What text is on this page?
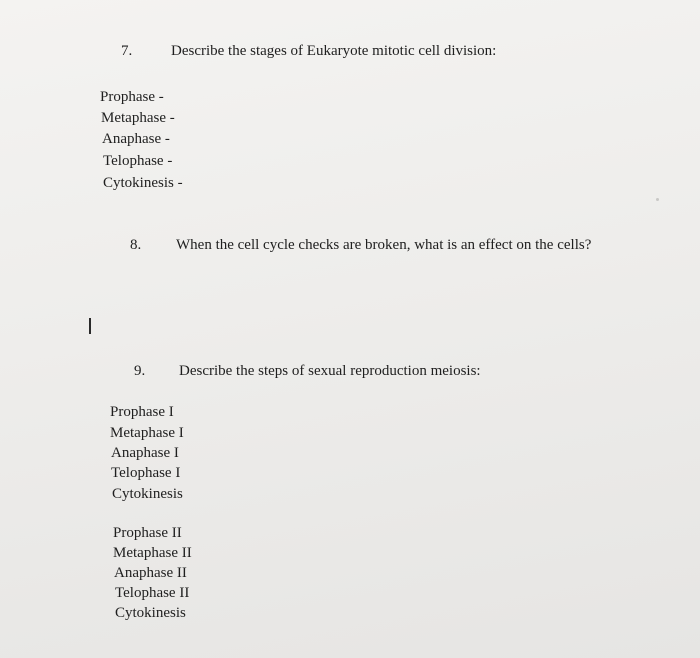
7.	Describe the stages of Eukaryote mitotic cell division:
Prophase -
Metaphase -
Anaphase -
Telophase -
Cytokinesis -
8. When the cell cycle checks are broken, what is an effect on the cells?
9. Describe the steps of sexual reproduction meiosis:
Prophase I
Metaphase I
Anaphase I
Telophase I
Cytokinesis
Prophase II
Metaphase II
Anaphase II
Telophase II
Cytokinesis
